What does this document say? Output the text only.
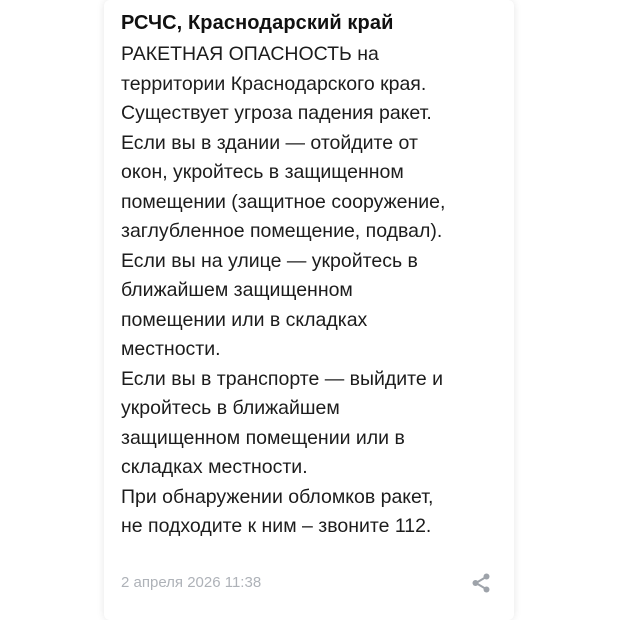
РСЧС, Краснодарский край
РАКЕТНАЯ ОПАСНОСТЬ на
территории Краснодарского края.
Существует угроза падения ракет.
Если вы в здании — отойдите от
окон, укройтесь в защищенном
помещении (защитное сооружение,
заглубленное помещение, подвал).
Если вы на улице — укройтесь в
ближайшем защищенном
помещении или в складках
местности.
Если вы в транспорте — выйдите и
укройтесь в ближайшем
защищенном помещении или в
складках местности.
При обнаружении обломков ракет,
не подходите к ним – звоните 112.
2 апреля 2026 11:38
